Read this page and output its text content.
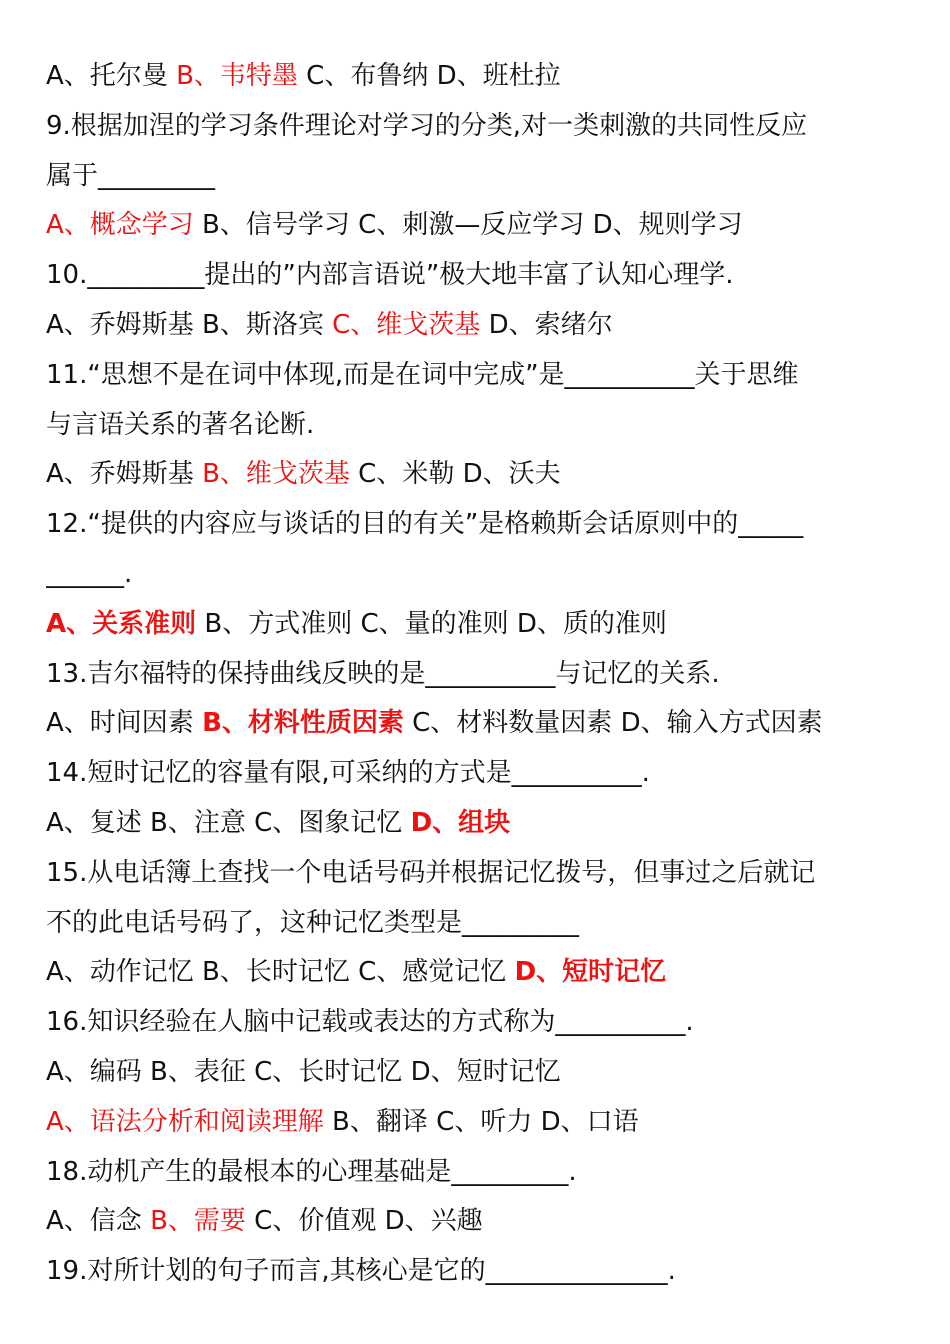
A、托尔曼 B、韦特墨 C、布鲁纳 D、班杜拉
9.根据加涅的学习条件理论对学习的分类,对一类刺激的共同性反应
属于_________
A、概念学习 B、信号学习 C、刺激—反应学习 D、规则学习
10._________提出的”内部言语说”极大地丰富了认知心理学.
A、乔姆斯基 B、斯洛宾 C、维戈茨基 D、索绪尔
11.“思想不是在词中体现,而是在词中完成”是__________关于思维
与言语关系的著名论断.
A、乔姆斯基 B、维戈茨基 C、米勒 D、沃夫
12.“提供的内容应与谈话的目的有关”是格赖斯会话原则中的_____
______.
A、关系准则 B、方式准则 C、量的准则 D、质的准则
13.吉尔福特的保持曲线反映的是__________与记忆的关系.
A、时间因素 B、材料性质因素 C、材料数量因素 D、输入方式因素
14.短时记忆的容量有限,可采纳的方式是__________.
A、复述 B、注意 C、图象记忆 D、组块
15.从电话簿上查找一个电话号码并根据记忆拨号，但事过之后就记
不的此电话号码了，这种记忆类型是_________
A、动作记忆 B、长时记忆 C、感觉记忆 D、短时记忆
16.知识经验在人脑中记载或表达的方式称为__________.
A、编码 B、表征 C、长时记忆 D、短时记忆
A、语法分析和阅读理解 B、翻译 C、听力 D、口语
18.动机产生的最根本的心理基础是_________.
A、信念 B、需要 C、价值观 D、兴趣
19.对所计划的句子而言,其核心是它的______________.
